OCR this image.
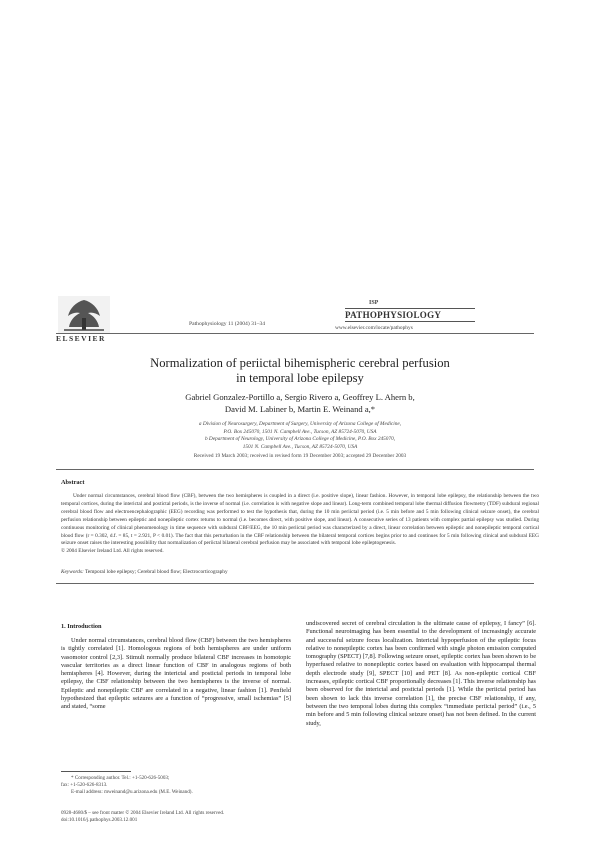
ELSEVIER
Pathophysiology 11 (2004) 31–34
ISP
PATHOPHYSIOLOGY
www.elsevier.com/locate/pathophys
Normalization of periictal bihemispheric cerebral perfusion
in temporal lobe epilepsy
Gabriel Gonzalez-Portillo a, Sergio Rivero a, Geoffrey L. Ahern b,
David M. Labiner b, Martin E. Weinand a,*
a Division of Neurosurgery, Department of Surgery, University of Arizona College of Medicine,
P.O. Box 245070, 1501 N. Campbell Ave., Tucson, AZ 85724-5070, USA
b Department of Neurology, University of Arizona College of Medicine, P.O. Box 245070,
1501 N. Campbell Ave., Tucson, AZ 85724-5070, USA
Received 19 March 2003; received in revised form 19 December 2003; accepted 29 December 2003
Abstract

Under normal circumstances, cerebral blood flow (CBF), between the two hemispheres is coupled in a direct (i.e. positive slope), linear fashion. However, in temporal lobe epilepsy, the relationship between the two temporal cortices, during the interictal and postictal periods, is the inverse of normal (i.e. correlation is with negative slope and linear). Long-term combined temporal lobe thermal diffusion flowmetry (TDF) subdural regional cerebral blood flow and electroencephalographic (EEG) recording was performed to test the hypothesis that, during the 10 min periictal period (i.e. 5 min before and 5 min following clinical seizure onset), the cerebral perfusion relationship between epileptic and nonepileptic cortex returns to normal (i.e. becomes direct, with positive slope, and linear). A consecutive series of 13 patients with complex partial epilepsy was studied. During continuous monitoring of clinical phenomenology in time sequence with subdural CBF/EEG, the 10 min periictal period was characterized by a direct, linear correlation between epileptic and nonepileptic temporal cortical blood flow (r = 0.302, d.f. = 85, t = 2.921, P < 0.01). The fact that this perturbation in the CBF relationship between the bilateral temporal cortices begins prior to and continues for 5 min following clinical and subdural EEG seizure onset raises the interesting possibility that normalization of periictal bilateral cerebral perfusion may be associated with temporal lobe epileptogenesis.

© 2004 Elsevier Ireland Ltd. All rights reserved.
Keywords: Temporal lobe epilepsy; Cerebral blood flow; Electrocorticography
1. Introduction

Under normal circumstances, cerebral blood flow (CBF) between the two hemispheres is tightly correlated [1]. Homologous regions of both hemispheres are under uniform vasomotor control [2,3]. Stimuli normally produce bilateral CBF increases in homotopic vascular territories as a direct linear function of CBF in analogous regions of both hemispheres [4]. However, during the interictal and postictal periods in temporal lobe epilepsy, the CBF relationship between the two hemispheres is the inverse of normal. Epileptic and nonepileptic CBF are correlated in a negative, linear fashion [1]. Penfield hypothesized that epileptic seizures are a function of “progressive, small ischemias” [5] and stated, “some

undiscovered secret of cerebral circulation is the ultimate cause of epilepsy, I fancy” [6]. Functional neuroimaging has been essential to the development of increasingly accurate and successful seizure focus localization. Interictal hypoperfusion of the epileptic focus relative to nonepileptic cortex has been confirmed with single photon emission computed tomography (SPECT) [7,8]. Following seizure onset, epileptic cortex has been shown to be hyperfused relative to nonepileptic cortex based on evaluation with hippocampal thermal depth electrode study [9], SPECT [10] and PET [8]. As non-epileptic cortical CBF increases, epileptic cortical CBF proportionally decreases [1]. This inverse relationship has been observed for the interictal and postictal periods [1]. While the periictal period has been shown to lack this inverse correlation [1], the precise CBF relationship, if any, between the two temporal lobes during this complex “immediate periictal period” (i.e., 5 min before and 5 min following clinical seizure onset) has not been defined. In the current study,

* Corresponding author. Tel.: +1-520-626-5003;
fax: +1-520-626-8313.
E-mail address: mweinand@u.arizona.edu (M.E. Weinand).
0928-4680/$ – see front matter © 2004 Elsevier Ireland Ltd. All rights reserved.
doi:10.1016/j.pathophys.2003.12.001
